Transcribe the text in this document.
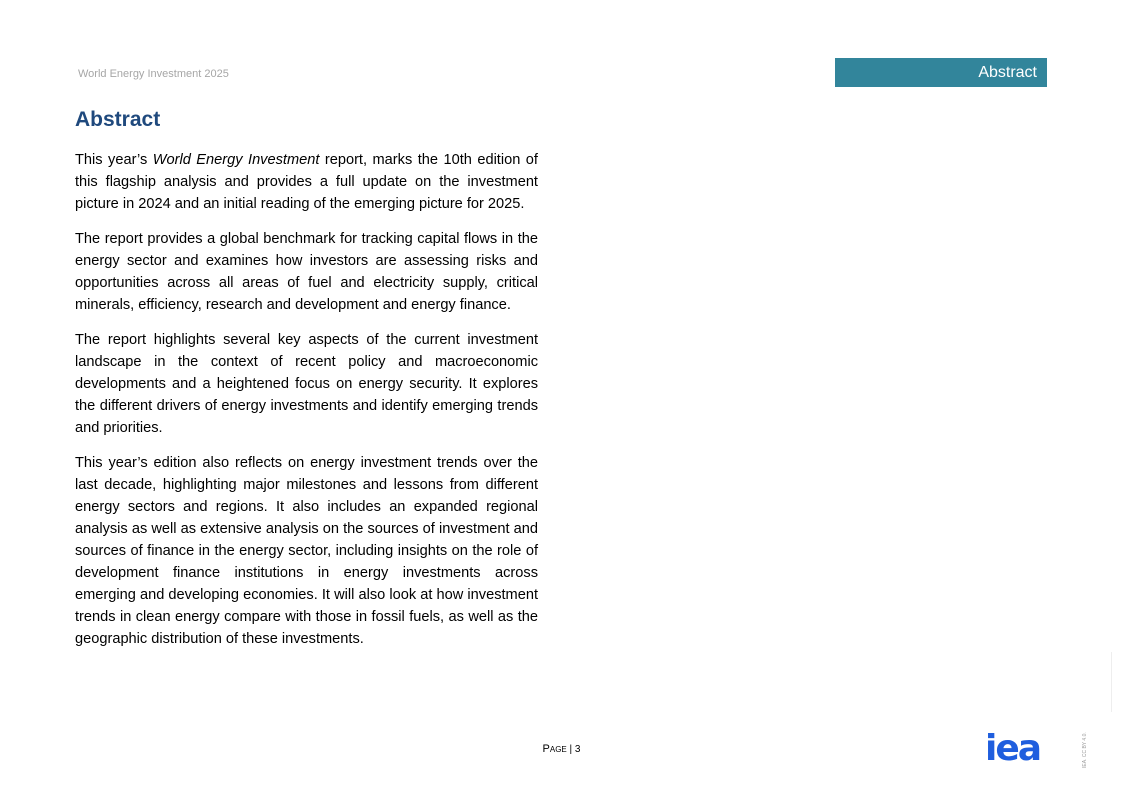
World Energy Investment 2025	Abstract
Abstract

This year’s World Energy Investment report, marks the 10th edition of this flagship analysis and provides a full update on the investment picture in 2024 and an initial reading of the emerging picture for 2025.

The report provides a global benchmark for tracking capital flows in the energy sector and examines how investors are assessing risks and opportunities across all areas of fuel and electricity supply, critical minerals, efficiency, research and development and energy finance.

The report highlights several key aspects of the current investment landscape in the context of recent policy and macroeconomic developments and a heightened focus on energy security. It explores the different drivers of energy investments and identify emerging trends and priorities.

This year’s edition also reflects on energy investment trends over the last decade, highlighting major milestones and lessons from different energy sectors and regions. It also includes an expanded regional analysis as well as extensive analysis on the sources of investment and sources of finance in the energy sector, including insights on the role of development finance institutions in energy investments across emerging and developing economies. It will also look at how investment trends in clean energy compare with those in fossil fuels, as well as the geographic distribution of these investments.

Page | 3	iea	IEA. CC BY 4.0.
